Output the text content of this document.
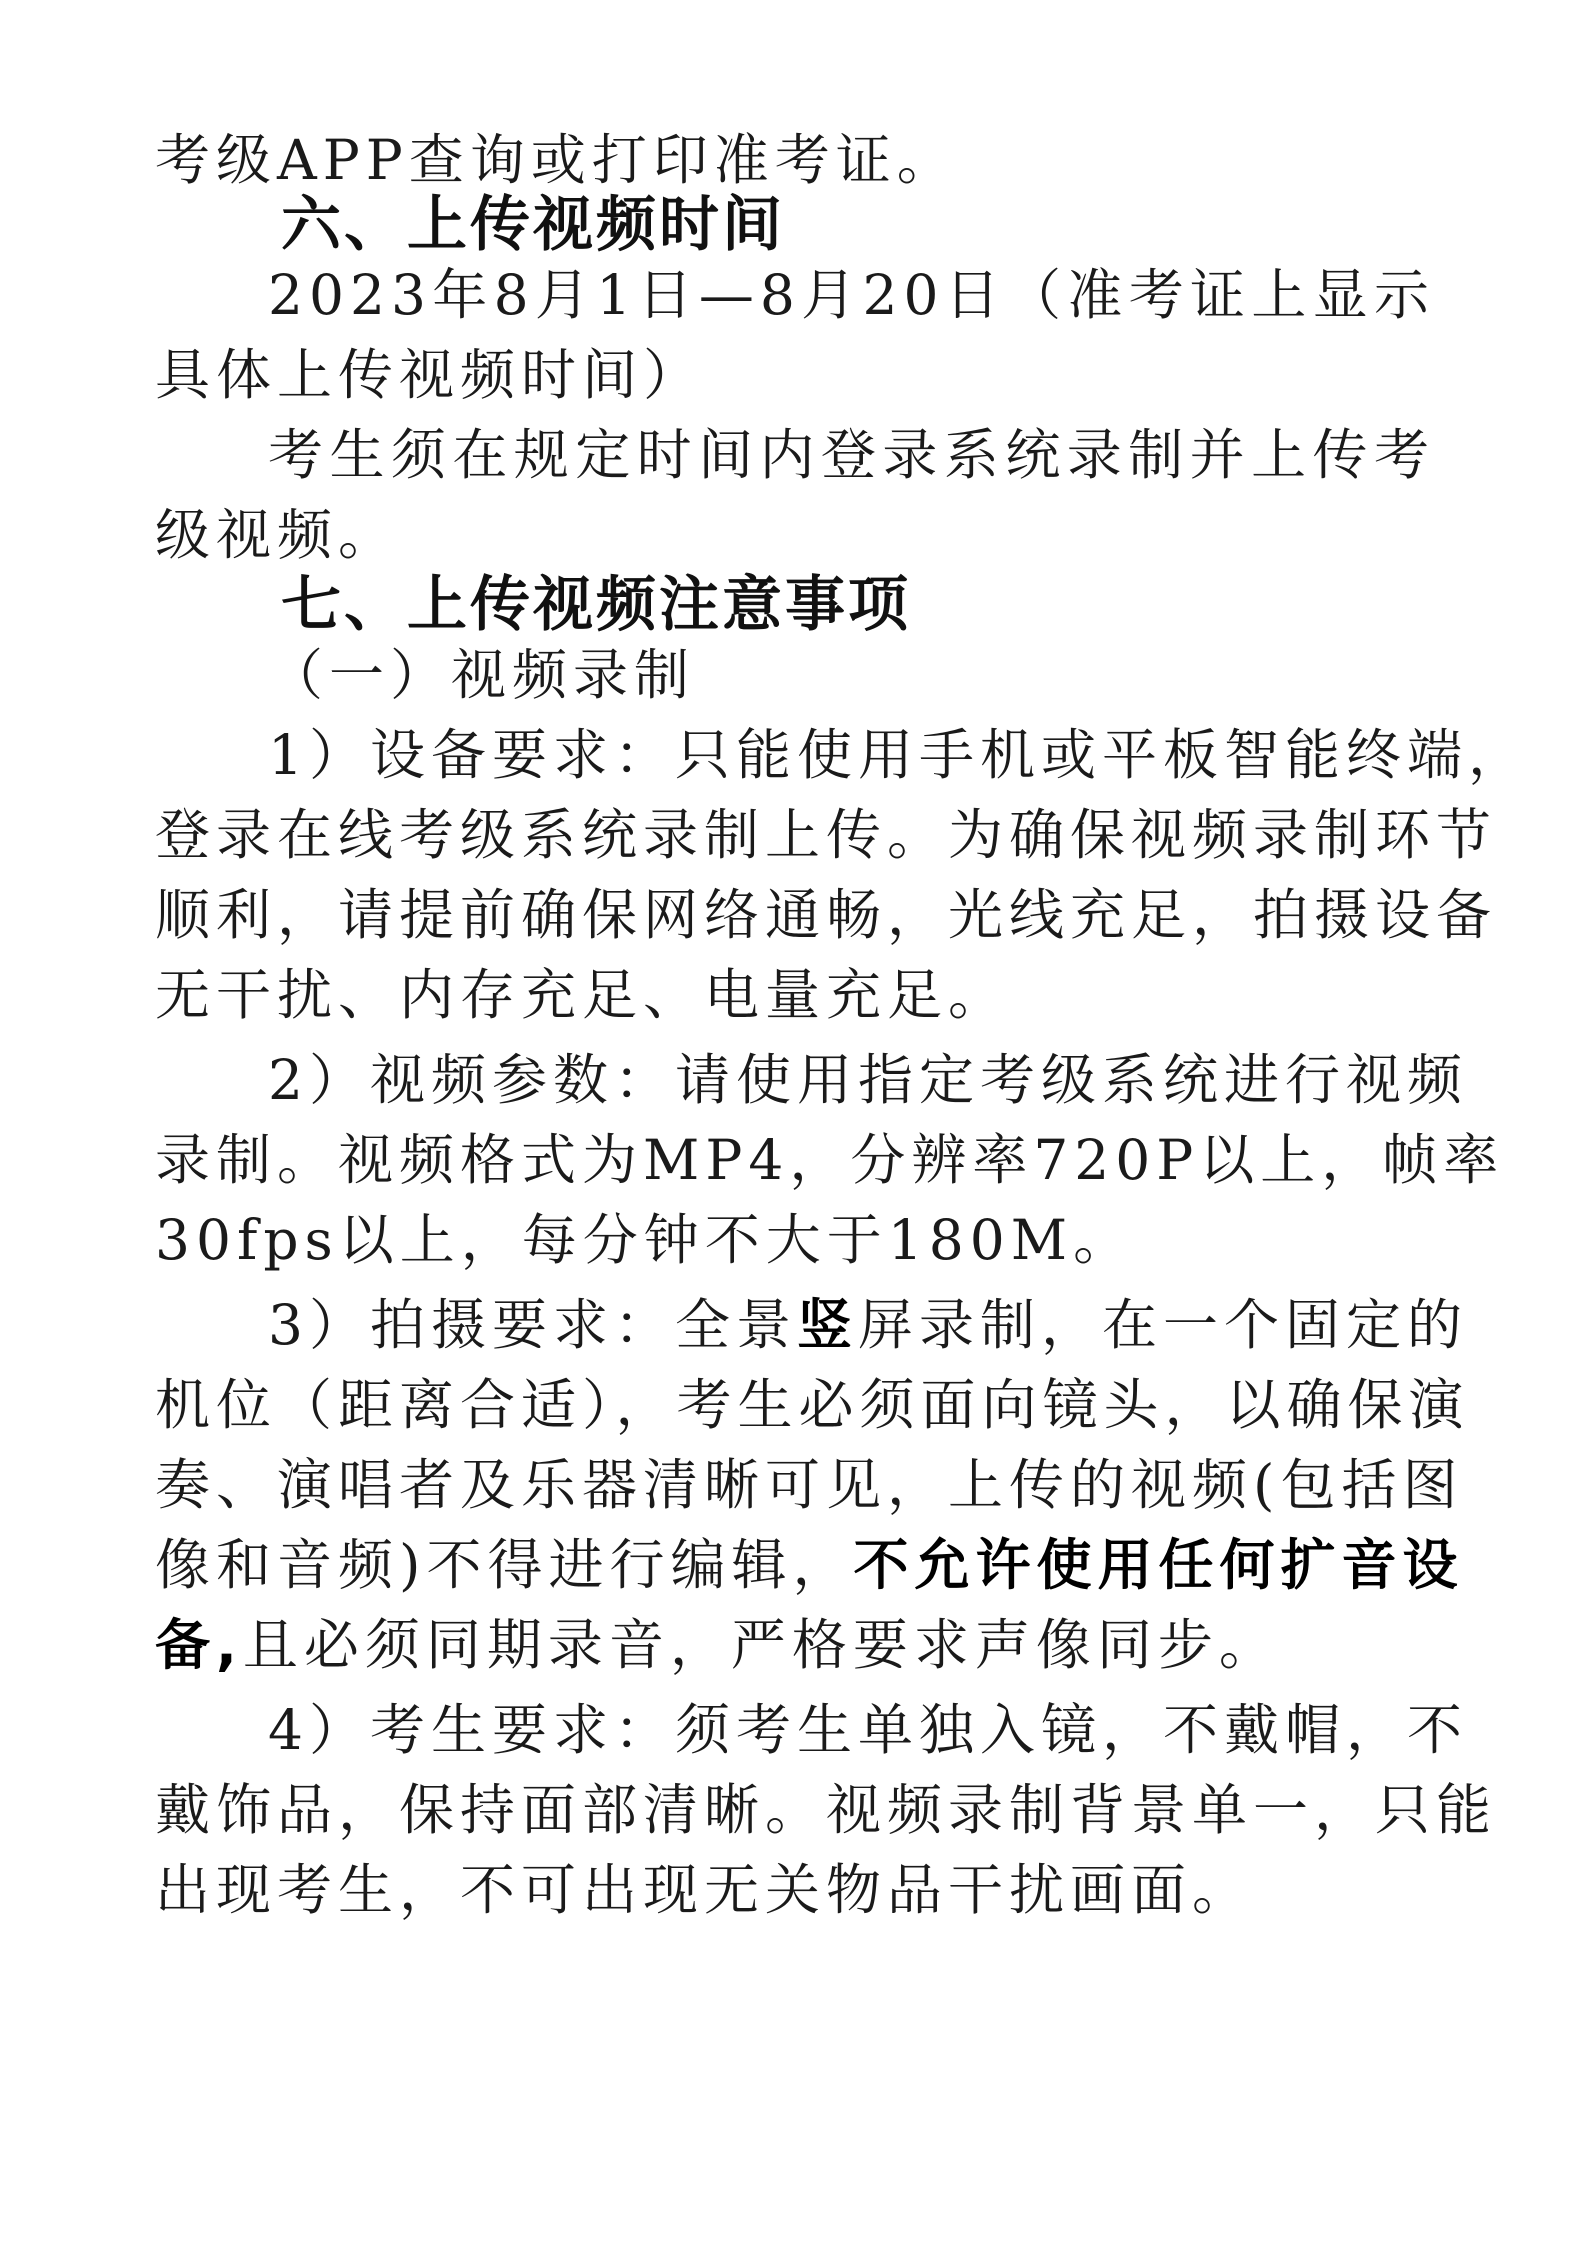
考级APP查询或打印准考证。
六、上传视频时间
2023年8月1日—8月20日（准考证上显示
具体上传视频时间）
考生须在规定时间内登录系统录制并上传考
级视频。
七、上传视频注意事项
（一）视频录制
1）设备要求：只能使用手机或平板智能终端，
登录在线考级系统录制上传。为确保视频录制环节
顺利，请提前确保网络通畅，光线充足，拍摄设备
无干扰、内存充足、电量充足。
2）视频参数：请使用指定考级系统进行视频
录制。视频格式为MP4，分辨率720P以上，帧率
30fps以上，每分钟不大于180M。
3）拍摄要求：全景竖屏录制，在一个固定的
机位（距离合适），考生必须面向镜头，以确保演
奏、演唱者及乐器清晰可见，上传的视频(包括图
像和音频)不得进行编辑，不允许使用任何扩音设
备,且必须同期录音，严格要求声像同步。
4）考生要求：须考生单独入镜，不戴帽，不
戴饰品，保持面部清晰。视频录制背景单一，只能
出现考生，不可出现无关物品干扰画面。
